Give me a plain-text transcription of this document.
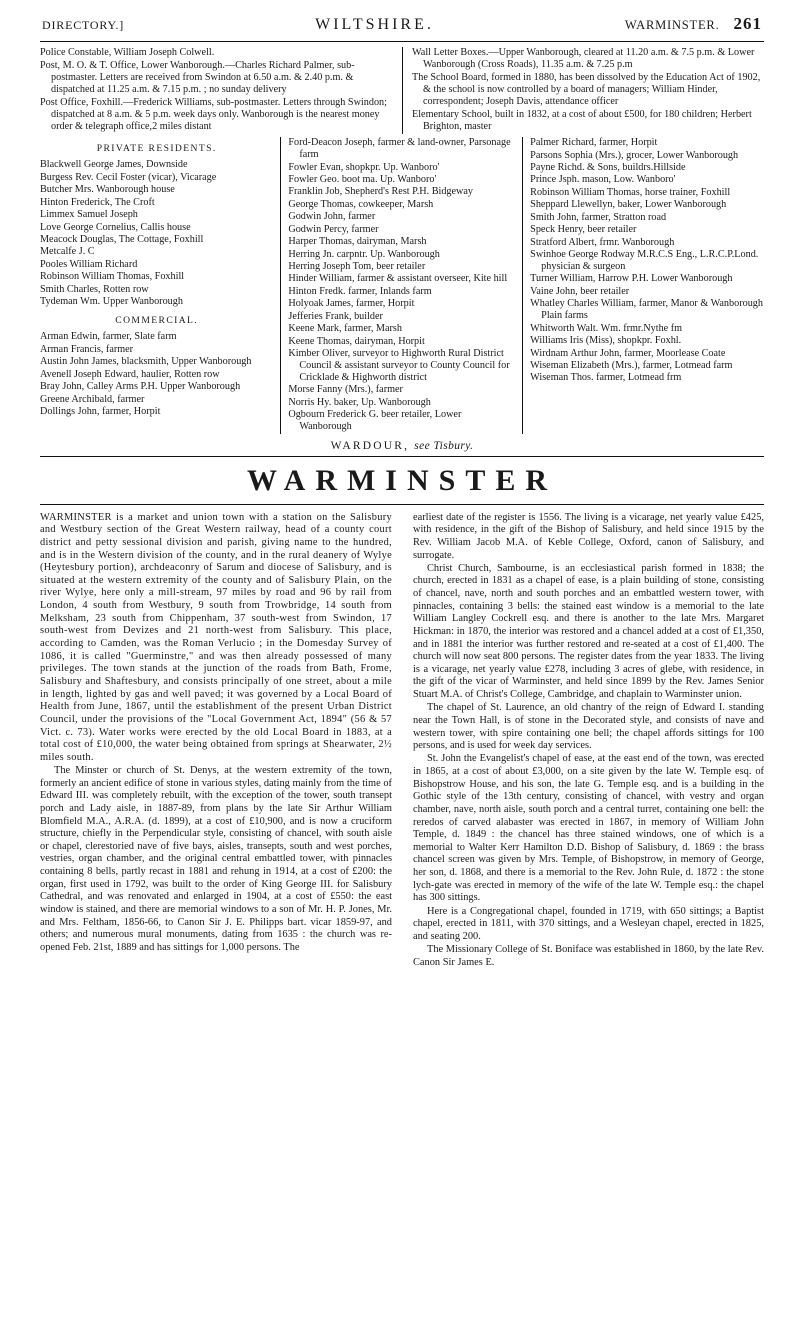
DIRECTORY.]	WILTSHIRE.	WARMINSTER. 261

Police Constable, William Joseph Colwell.

Post, M. O. & T. Office, Lower Wanborough.—Charles Richard Palmer, sub-postmaster. Letters are received from Swindon at 6.50 a.m. & 2.40 p.m. & dispatched at 11.25 a.m. & 7.15 p.m. ; no sunday delivery

Post Office, Foxhill.—Frederick Williams, sub-postmaster. Letters through Swindon; dispatched at 8 a.m. & 5 p.m. week days only. Wanborough is the nearest money order & telegraph office,2 miles distant

Wall Letter Boxes.—Upper Wanborough, cleared at 11.20 a.m. & 7.5 p.m. & Lower Wanborough (Cross Roads), 11.35 a.m. & 7.25 p.m

The School Board, formed in 1880, has been dissolved by the Education Act of 1902, & the school is now controlled by a board of managers; William Hinder, correspondent; Joseph Davis, attendance officer

Elementary School, built in 1832, at a cost of about £500, for 180 children; Herbert Brighton, master

PRIVATE RESIDENTS.

Blackwell George James, Downside

Burgess Rev. Cecil Foster (vicar), Vicarage

Butcher Mrs. Wanborough house

Hinton Frederick, The Croft

Limmex Samuel Joseph

Love George Cornelius, Callis house

Meacock Douglas, The Cottage, Foxhill

Metcalfe J. C

Pooles William Richard

Robinson William Thomas, Foxhill

Smith Charles, Rotten row

Tydeman Wm. Upper Wanborough

COMMERCIAL.

Arman Edwin, farmer, Slate farm

Arman Francis, farmer

Austin John James, blacksmith, Upper Wanborough

Avenell Joseph Edward, haulier, Rotten row

Bray John, Calley Arms P.H. Upper Wanborough

Greene Archibald, farmer

Dollings John, farmer, Horpit

Ford-Deacon Joseph, farmer & land-owner, Parsonage farm

Fowler Evan, shopkpr. Up. Wanboro'

Fowler Geo. boot ma. Up. Wanboro'

Franklin Job, Shepherd's Rest P.H. Bidgeway

George Thomas, cowkeeper, Marsh

Godwin John, farmer

Godwin Percy, farmer

Harper Thomas, dairyman, Marsh

Herring Jn. carpntr. Up. Wanborough

Herring Joseph Tom, beer retailer

Hinder William, farmer & assistant overseer, Kite hill

Hinton Fredk. farmer, Inlands farm

Holyoak James, farmer, Horpit

Jefferies Frank, builder

Keene Mark, farmer, Marsh

Keene Thomas, dairyman, Horpit

Kimber Oliver, surveyor to Highworth Rural District Council & assistant surveyor to County Council for Cricklade & Highworth district

Morse Fanny (Mrs.), farmer

Norris Hy. baker, Up. Wanborough

Ogbourn Frederick G. beer retailer, Lower Wanborough

Palmer Richard, farmer, Horpit

Parsons Sophia (Mrs.), grocer, Lower Wanborough

Payne Richd. & Sons, buildrs.Hillside

Prince Jsph. mason, Low. Wanboro'

Robinson William Thomas, horse trainer, Foxhill

Sheppard Llewellyn, baker, Lower Wanborough

Smith John, farmer, Stratton road

Speck Henry, beer retailer

Stratford Albert, frmr. Wanborough

Swinhoe George Rodway M.R.C.S Eng., L.R.C.P.Lond. physician & surgeon

Turner William, Harrow P.H. Lower Wanborough

Vaine John, beer retailer

Whatley Charles William, farmer, Manor & Wanborough Plain farms

Whitworth Walt. Wm. frmr.Nythe fm

Williams Iris (Miss), shopkpr. Foxhl.

Wirdnam Arthur John, farmer, Moorlease Coate

Wiseman Elizabeth (Mrs.), farmer, Lotmead farm

Wiseman Thos. farmer, Lotmead frm

WARDOUR, see Tisbury.
WARMINSTER

WARMINSTER is a market and union town with a station on the Salisbury and Westbury section of the Great Western railway, head of a county court district and petty sessional division and parish, giving name to the hundred, and is in the Western division of the county, and in the rural deanery of Wylye (Heytesbury portion), archdeaconry of Sarum and diocese of Salisbury, and is situated at the western extremity of the county and of Salisbury Plain, on the river Wylye, here only a mill-stream, 97 miles by road and 96 by rail from London, 4 south from Westbury, 9 south from Trowbridge, 14 south from Melksham, 23 south from Chippenham, 37 south-west from Swindon, 17 south-west from Devizes and 21 north-west from Salisbury. This place, according to Camden, was the Roman Verlucio ; in the Domesday Survey of 1086, it is called "Guerminstre," and was then already possessed of many privileges. The town stands at the junction of the roads from Bath, Frome, Salisbury and Shaftesbury, and consists principally of one street, about a mile in length, lighted by gas and well paved; it was governed by a Local Board of Health from June, 1867, until the establishment of the present Urban District Council, under the provisions of the "Local Government Act, 1894" (56 & 57 Vict. c. 73). Water works were erected by the old Local Board in 1883, at a total cost of £10,000, the water being obtained from springs at Shearwater, 2½ miles south.

The Minster or church of St. Denys, at the western extremity of the town, formerly an ancient edifice of stone in various styles, dating mainly from the time of Edward III. was completely rebuilt, with the exception of the tower, south transept porch and Lady aisle, in 1887-89, from plans by the late Sir Arthur William Blomfield M.A., A.R.A. (d. 1899), at a cost of £10,900, and is now a cruciform structure, chiefly in the Perpendicular style, consisting of chancel, with south aisle or chapel, clerestoried nave of five bays, aisles, transepts, south and west porches, vestries, organ chamber, and the original central embattled tower, with pinnacles containing 8 bells, partly recast in 1881 and rehung in 1914, at a cost of £200: the organ, first used in 1792, was built to the order of King George III. for Salisbury Cathedral, and was renovated and enlarged in 1904, at a cost of £550: the east window is stained, and there are memorial windows to a son of Mr. H. P. Jones, Mr. and Mrs. Feltham, 1856-66, to Canon Sir J. E. Philipps bart. vicar 1859-97, and others; and numerous mural monuments, dating from 1635 : the church was re-opened Feb. 21st, 1889 and has sittings for 1,000 persons. The

earliest date of the register is 1556. The living is a vicarage, net yearly value £425, with residence, in the gift of the Bishop of Salisbury, and held since 1915 by the Rev. William Jacob M.A. of Keble College, Oxford, canon of Salisbury, and surrogate.

Christ Church, Sambourne, is an ecclesiastical parish formed in 1838; the church, erected in 1831 as a chapel of ease, is a plain building of stone, consisting of chancel, nave, north and south porches and an embattled western tower, with pinnacles, containing 3 bells: the stained east window is a memorial to the late William Langley Cockrell esq. and there is another to the late Mrs. Margaret Hickman: in 1870, the interior was restored and a chancel added at a cost of £1,350, and in 1881 the interior was further restored and re-seated at a cost of £1,400. The church will now seat 800 persons. The register dates from the year 1833. The living is a vicarage, net yearly value £278, including 3 acres of glebe, with residence, in the gift of the vicar of Warminster, and held since 1899 by the Rev. James Senior Stuart M.A. of Christ's College, Cambridge, and chaplain to Warminster union.

The chapel of St. Laurence, an old chantry of the reign of Edward I. standing near the Town Hall, is of stone in the Decorated style, and consists of nave and western tower, with spire containing one bell; the chapel affords sittings for 100 persons, and is used for week day services.

St. John the Evangelist's chapel of ease, at the east end of the town, was erected in 1865, at a cost of about £3,000, on a site given by the late W. Temple esq. of Bishopstrow House, and his son, the late G. Temple esq. and is a building in the Gothic style of the 13th century, consisting of chancel, with vestry and organ chamber, nave, north aisle, south porch and a central turret, containing one bell: the reredos of carved alabaster was erected in 1867, in memory of William John Temple, d. 1849 : the chancel has three stained windows, one of which is a memorial to Walter Kerr Hamilton D.D. Bishop of Salisbury, d. 1869 : the brass chancel screen was given by Mrs. Temple, of Bishopstrow, in memory of George, her son, d. 1868, and there is a memorial to the Rev. John Rule, d. 1872 : the stone lych-gate was erected in memory of the wife of the late W. Temple esq.: the chapel has 300 sittings.

Here is a Congregational chapel, founded in 1719, with 650 sittings; a Baptist chapel, erected in 1811, with 370 sittings, and a Wesleyan chapel, erected in 1825, and seating 200.

The Missionary College of St. Boniface was established in 1860, by the late Rev. Canon Sir James E.
